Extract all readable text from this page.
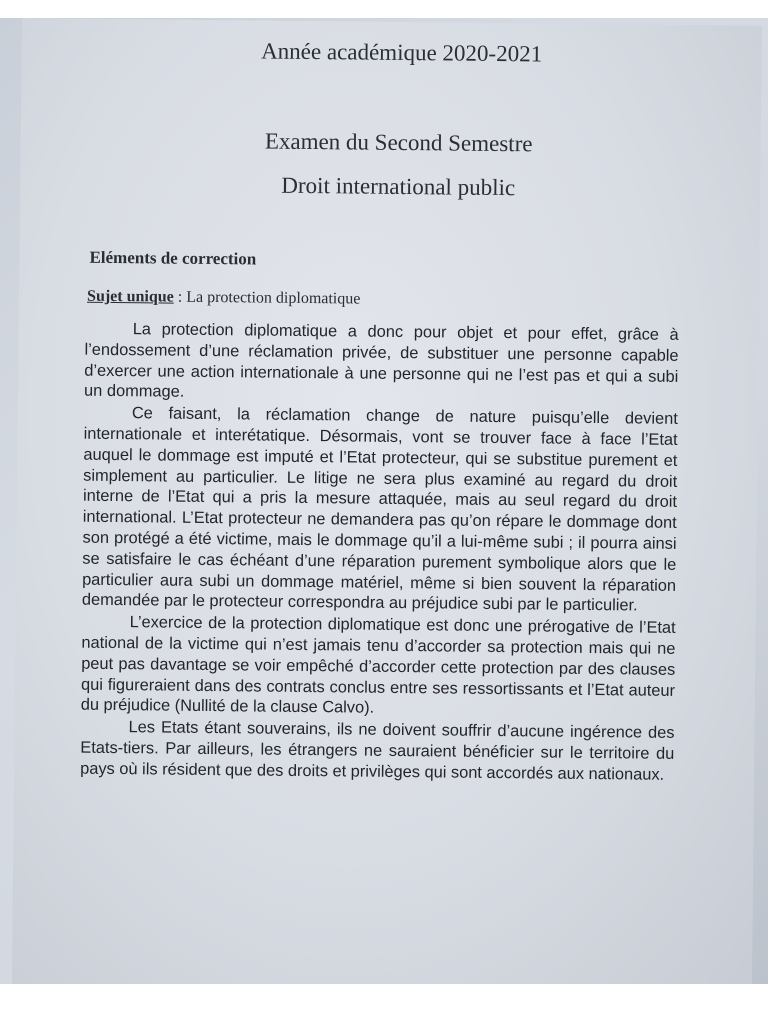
Année académique 2020-2021
Examen du Second Semestre
Droit international public
Eléments de correction
Sujet unique : La protection diplomatique

La protection diplomatique a donc pour objet et pour effet, grâce à l’endossement d’une réclamation privée, de substituer une personne capable d’exercer une action internationale à une personne qui ne l’est pas et qui a subi un dommage.

Ce faisant, la réclamation change de nature puisqu’elle devient internationale et interétatique. Désormais, vont se trouver face à face l’Etat auquel le dommage est imputé et l’Etat protecteur, qui se substitue purement et simplement au particulier. Le litige ne sera plus examiné au regard du droit interne de l’Etat qui a pris la mesure attaquée, mais au seul regard du droit international. L’Etat protecteur ne demandera pas qu’on répare le dommage dont son protégé a été victime, mais le dommage qu’il a lui-même subi ; il pourra ainsi se satisfaire le cas échéant d’une réparation purement symbolique alors que le particulier aura subi un dommage matériel, même si bien souvent la réparation demandée par le protecteur correspondra au préjudice subi par le particulier.

L’exercice de la protection diplomatique est donc une prérogative de l’Etat national de la victime qui n’est jamais tenu d’accorder sa protection mais qui ne peut pas davantage se voir empêché d’accorder cette protection par des clauses qui figureraient dans des contrats conclus entre ses ressortissants et l’Etat auteur du préjudice (Nullité de la clause Calvo).

Les Etats étant souverains, ils ne doivent souffrir d’aucune ingérence des Etats-tiers. Par ailleurs, les étrangers ne sauraient bénéficier sur le territoire du pays où ils résident que des droits et privilèges qui sont accordés aux nationaux.
